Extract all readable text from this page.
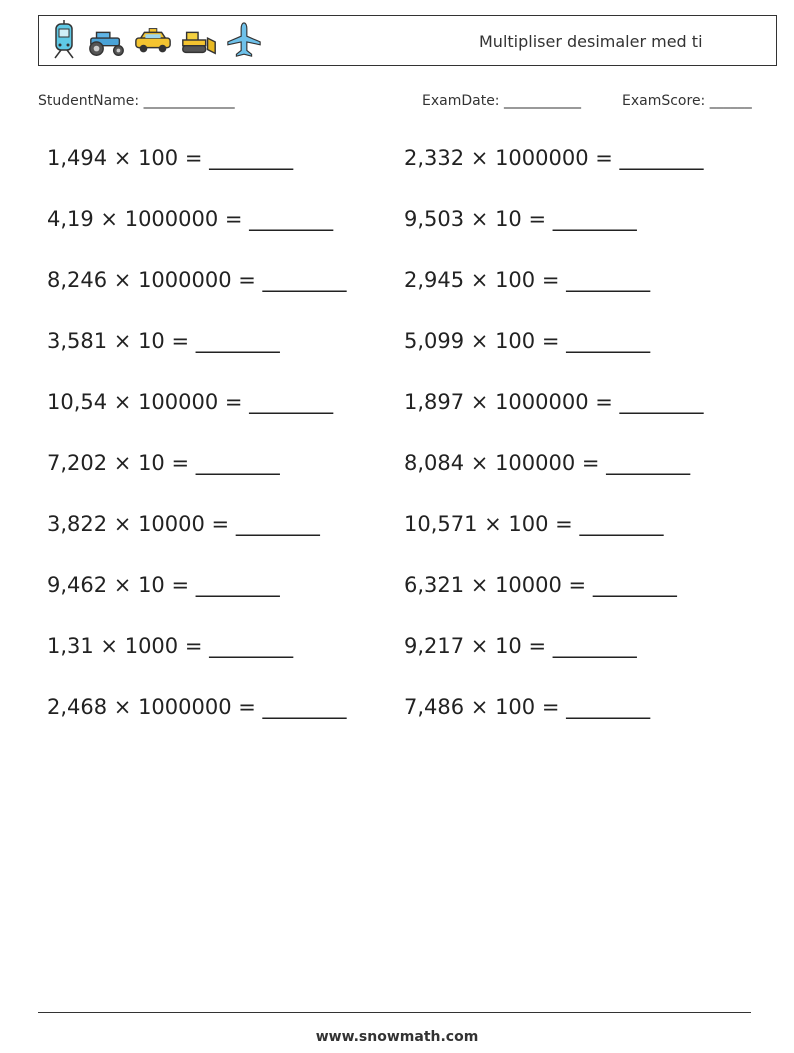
Multipliser desimaler med ti
StudentName: _____________	ExamDate: ___________	ExamScore: ______
1,494 × 100 = ________
4,19 × 1000000 = ________
8,246 × 1000000 = ________
3,581 × 10 = ________
10,54 × 100000 = ________
7,202 × 10 = ________
3,822 × 10000 = ________
9,462 × 10 = ________
1,31 × 1000 = ________
2,468 × 1000000 = ________
2,332 × 1000000 = ________
9,503 × 10 = ________
2,945 × 100 = ________
5,099 × 100 = ________
1,897 × 1000000 = ________
8,084 × 100000 = ________
10,571 × 100 = ________
6,321 × 10000 = ________
9,217 × 10 = ________
7,486 × 100 = ________
www.snowmath.com
